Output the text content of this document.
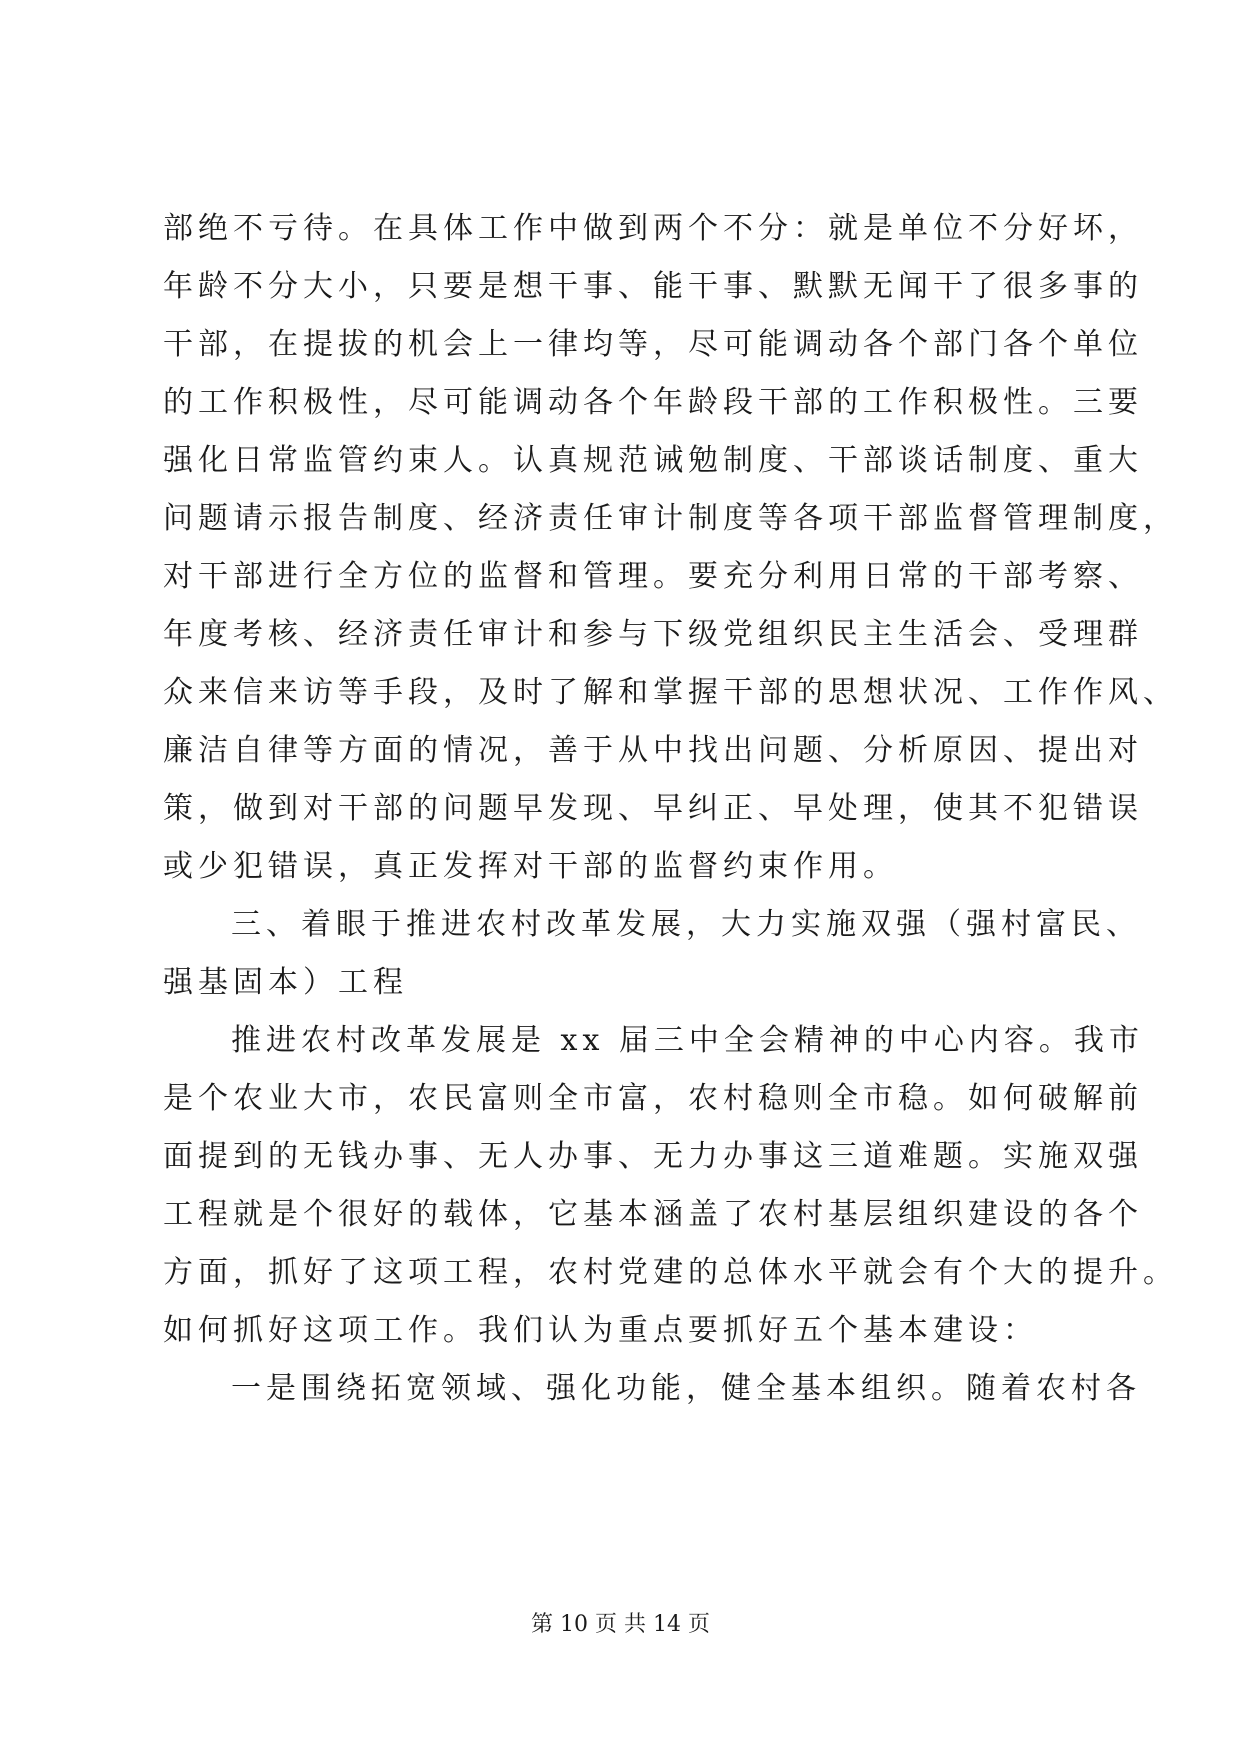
部绝不亏待。在具体工作中做到两个不分：就是单位不分好坏，
年龄不分大小，只要是想干事、能干事、默默无闻干了很多事的
干部，在提拔的机会上一律均等，尽可能调动各个部门各个单位
的工作积极性，尽可能调动各个年龄段干部的工作积极性。三要
强化日常监管约束人。认真规范诫勉制度、干部谈话制度、重大
问题请示报告制度、经济责任审计制度等各项干部监督管理制度，
对干部进行全方位的监督和管理。要充分利用日常的干部考察、
年度考核、经济责任审计和参与下级党组织民主生活会、受理群
众来信来访等手段，及时了解和掌握干部的思想状况、工作作风、
廉洁自律等方面的情况，善于从中找出问题、分析原因、提出对
策，做到对干部的问题早发现、早纠正、早处理，使其不犯错误
或少犯错误，真正发挥对干部的监督约束作用。
三、着眼于推进农村改革发展，大力实施双强（强村富民、
强基固本）工程
推进农村改革发展是 xx 届三中全会精神的中心内容。我市
是个农业大市，农民富则全市富，农村稳则全市稳。如何破解前
面提到的无钱办事、无人办事、无力办事这三道难题。实施双强
工程就是个很好的载体，它基本涵盖了农村基层组织建设的各个
方面，抓好了这项工程，农村党建的总体水平就会有个大的提升。
如何抓好这项工作。我们认为重点要抓好五个基本建设：
一是围绕拓宽领域、强化功能，健全基本组织。随着农村各
第 10 页 共 14 页
